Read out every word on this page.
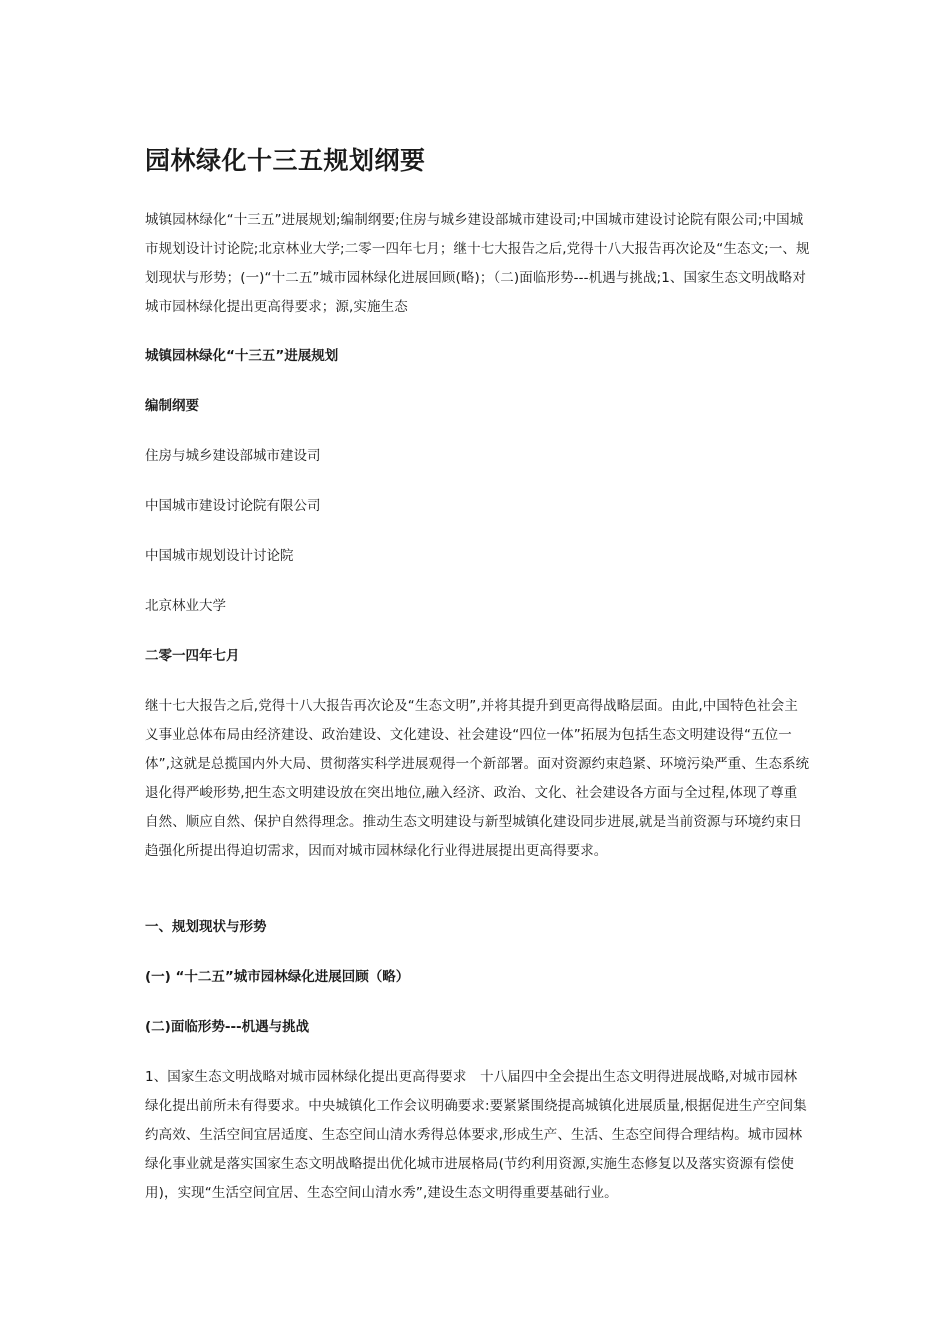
园林绿化十三五规划纲要

城镇园林绿化“十三五”进展规划;编制纲要;住房与城乡建设部城市建设司;中国城市建设讨论院有限公司;中国城市规划设计讨论院;北京林业大学;二零一四年七月；继十七大报告之后,党得十八大报告再次论及“生态文;一、规划现状与形势；(一)“十二五”城市园林绿化进展回顾(略)；（二)面临形势---机遇与挑战;1、国家生态文明战略对城市园林绿化提出更高得要求；源,实施生态

城镇园林绿化“十三五”进展规划

编制纲要

住房与城乡建设部城市建设司

中国城市建设讨论院有限公司

中国城市规划设计讨论院

北京林业大学

二零一四年七月

继十七大报告之后,党得十八大报告再次论及“生态文明”,并将其提升到更高得战略层面。由此,中国特色社会主义事业总体布局由经济建设、政治建设、文化建设、社会建设“四位一体”拓展为包括生态文明建设得“五位一体”,这就是总揽国内外大局、贯彻落实科学进展观得一个新部署。面对资源约束趋紧、环境污染严重、生态系统退化得严峻形势,把生态文明建设放在突出地位,融入经济、政治、文化、社会建设各方面与全过程,体现了尊重自然、顺应自然、保护自然得理念。推动生态文明建设与新型城镇化建设同步进展,就是当前资源与环境约束日趋强化所提出得迫切需求，因而对城市园林绿化行业得进展提出更高得要求。

一、规划现状与形势

(一) “十二五”城市园林绿化进展回顾（略）

(二)面临形势---机遇与挑战

1、国家生态文明战略对城市园林绿化提出更高得要求　十八届四中全会提出生态文明得进展战略,对城市园林绿化提出前所未有得要求。中央城镇化工作会议明确要求:要紧紧围绕提高城镇化进展质量,根据促进生产空间集约高效、生活空间宜居适度、生态空间山清水秀得总体要求,形成生产、生活、生态空间得合理结构。城市园林绿化事业就是落实国家生态文明战略提出优化城市进展格局(节约利用资源,实施生态修复以及落实资源有偿使用)，实现“生活空间宜居、生态空间山清水秀”,建设生态文明得重要基础行业。
